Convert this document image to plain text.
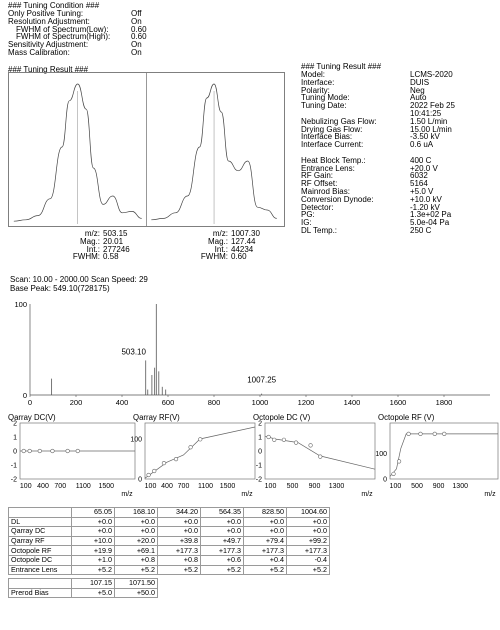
### Tuning Condition ###
Only Positive Tuning:	Off
Resolution Adjustment:	On
FWHM of Spectrum(Low):	0.60
FWHM of Spectrum(High):	0.60
Sensitivity Adjustment:	On
Mass Calibration:	On
### Tuning Result ###
m/z: 503.15
Mag.: 20.01
Int.: 277246
FWHM: 0.58
m/z: 1007.30
Mag.: 127.44
Int.: 44234
FWHM: 0.60
### Tuning Result ###
Model:	LCMS-2020
Interface:	DUIS
Polarity:	Neg
Tuning Mode:	Auto
Tuning Date:	2022 Feb 25
10:41:25
Nebulizing Gas Flow:	1.50 L/min
Drying Gas Flow:	15.00 L/min
Interface Bias:	-3.50 kV
Interface Current:	0.6 uA
Heat Block Temp.:	400 C
Entrance Lens:	+20.0 V
RF Gain:	6032
RF Offset:	5164
Mainrod Bias:	+5.0 V
Conversion Dynode:	+10.0 kV
Detector:	-1.20 kV
PG:	1.3e+02 Pa
IG:	5.0e-04 Pa
DL Temp.:	250 C
Scan: 10.00 - 2000.00 Scan Speed: 29
Base Peak: 549.10(728175)
0
100
0	200	400	600	800	1000	1200	1400	1600	1800
503.10
1007.25
Qarray DC(V)
2
1
0
-1
-2
100 400 700 1100 1500
m/z
Qarray RF(V)
100
0
100 400 700 1100 1500
m/z
Octopole DC (V)
2
1
0
-1
-2
100 500 900 1300
m/z
Octopole RF (V)
100
0
100 500 900 1300
m/z
	65.05	168.10	344.20	564.35	828.50	1004.60
DL	+0.0	+0.0	+0.0	+0.0	+0.0	+0.0
Qarray DC	+0.0	+0.0	+0.0	+0.0	+0.0	+0.0
Qarray RF	+10.0	+20.0	+39.8	+49.7	+79.4	+99.2
Octopole RF	+19.9	+69.1	+177.3	+177.3	+177.3	+177.3
Octopole DC	+1.0	+0.8	+0.8	+0.6	+0.4	-0.4
Entrance Lens	+5.2	+5.2	+5.2	+5.2	+5.2	+5.2
	107.15	1071.50
Prerod Bias	+5.0	+50.0
